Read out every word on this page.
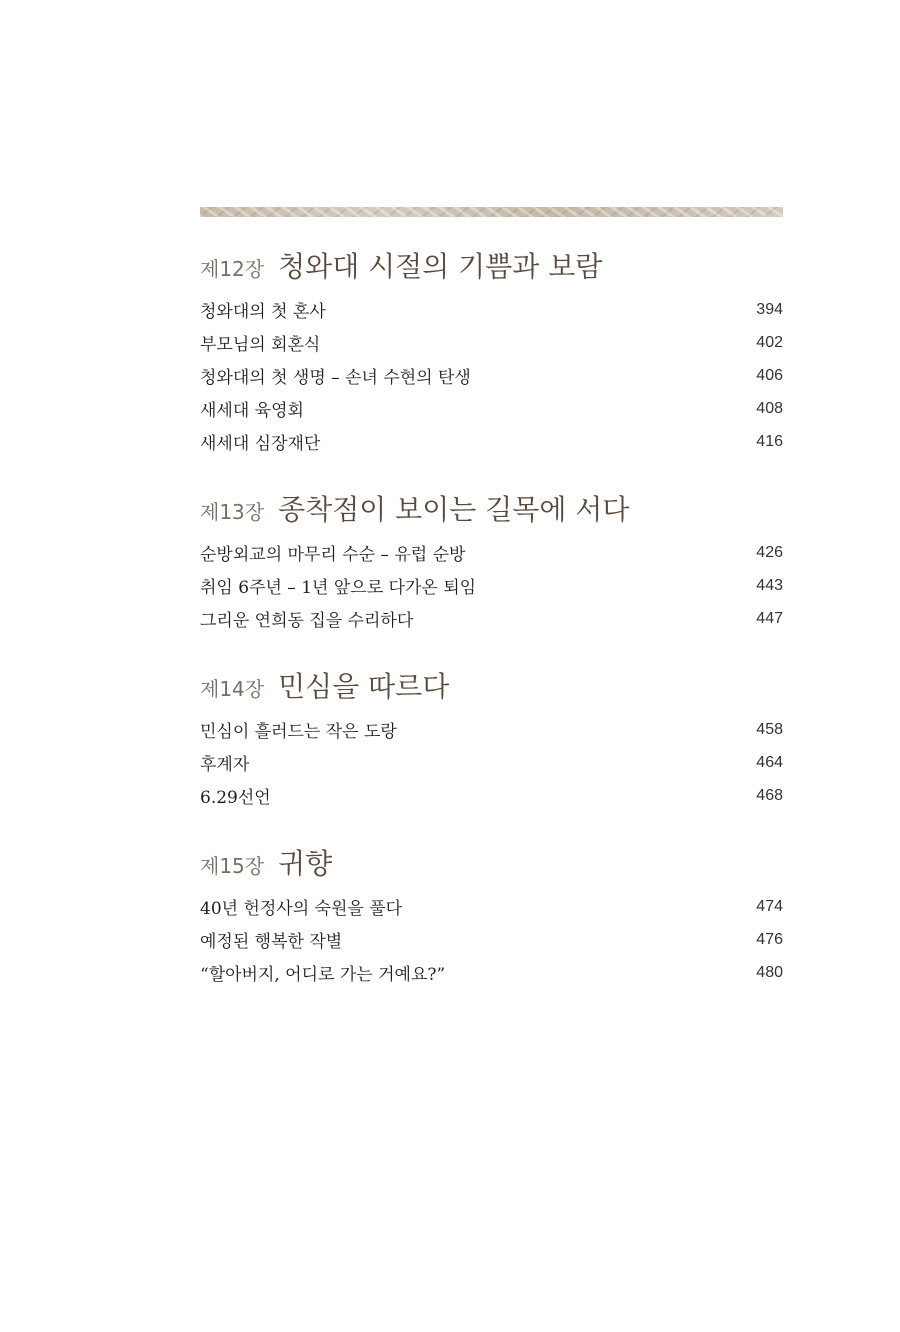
제12장 청와대 시절의 기쁨과 보람
청와대의 첫 혼사	394
부모님의 회혼식	402
청와대의 첫 생명 – 손녀 수현의 탄생	406
새세대 육영회	408
새세대 심장재단	416
제13장 종착점이 보이는 길목에 서다
순방외교의 마무리 수순 – 유럽 순방	426
취임 6주년 – 1년 앞으로 다가온 퇴임	443
그리운 연희동 집을 수리하다	447
제14장 민심을 따르다
민심이 흘러드는 작은 도랑	458
후계자	464
6.29선언	468
제15장 귀향
40년 헌정사의 숙원을 풀다	474
예정된 행복한 작별	476
“할아버지, 어디로 가는 거예요?”	480
